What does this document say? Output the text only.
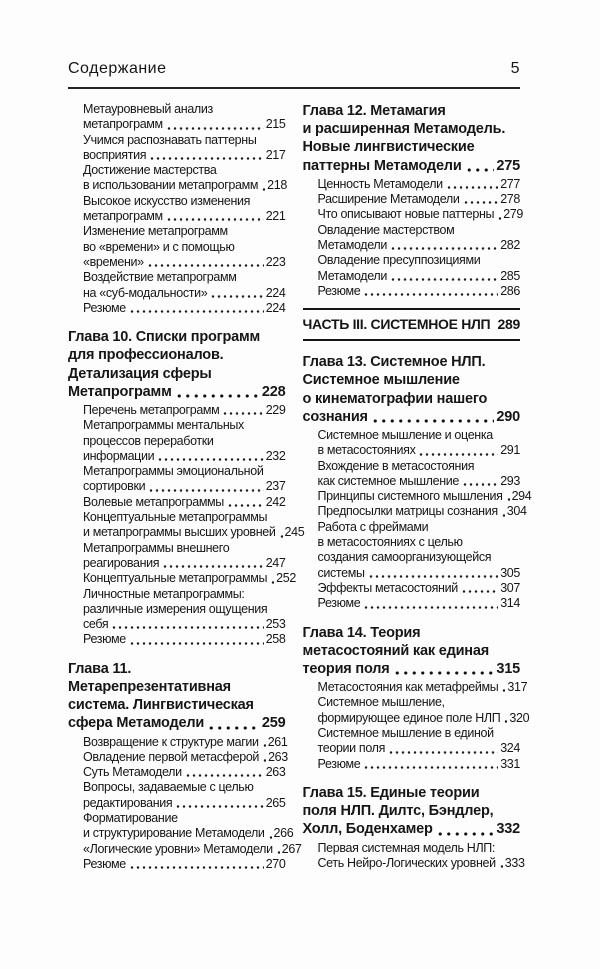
Содержание	5
Метауровневый анализ
метапрограмм	215
Учимся распознавать паттерны
восприятия	217
Достижение мастерства
в использовании метапрограмм 218
Высокое искусство изменения
метапрограмм	221
Изменение метапрограмм
во «времени» и с помощью
«времени»	223
Воздействие метапрограмм
на «суб-модальности»	224
Резюме	224
Глава 10. Списки программ
для профессионалов.
Детализация сферы
Метапрограмм	228
Перечень метапрограмм	229
Метапрограммы ментальных
процессов переработки
информации	232
Метапрограммы эмоциональной
сортировки	237
Волевые метапрограммы	242
Концептуальные метапрограммы
и метапрограммы высших уровней 245
Метапрограммы внешнего
реагирования	247
Концептуальные метапрограммы 252
Личностные метапрограммы:
различные измерения ощущения
себя	253
Резюме	258
Глава 11.
Метарепрезентативная
система. Лингвистическая
сфера Метамодели	259
Возвращение к структуре магии 261
Овладение первой метасферой 263
Суть Метамодели	263
Вопросы, задаваемые с целью
редактирования	265
Форматирование
и структурирование Метамодели 266
«Логические уровни» Метамодели 267
Резюме	270
Глава 12. Метамагия
и расширенная Метамодель.
Новые лингвистические
паттерны Метамодели 275
Ценность Метамодели	277
Расширение Метамодели	278
Что описывают новые паттерны 279
Овладение мастерством
Метамодели	282
Овладение пресуппозициями
Метамодели	285
Резюме	286
ЧАСТЬ III. СИСТЕМНОЕ НЛП 289
Глава 13. Системное НЛП.
Системное мышление
о кинематографии нашего
сознания	290
Системное мышление и оценка
в метасостояниях	291
Вхождение в метасостояния
как системное мышление	293
Принципы системного мышления 294
Предпосылки матрицы сознания 304
Работа с фреймами
в метасостояниях с целью
создания самоорганизующейся
системы	305
Эффекты метасостояний	307
Резюме	314
Глава 14. Теория
метасостояний как единая
теория поля	315
Метасостояния как метафреймы 317
Системное мышление,
формирующее единое поле НЛП 320
Системное мышление в единой
теории поля	324
Резюме	331
Глава 15. Единые теории
поля НЛП. Дилтс, Бэндлер,
Холл, Боденхамер	332
Первая системная модель НЛП:
Сеть Нейро-Логических уровней 333
